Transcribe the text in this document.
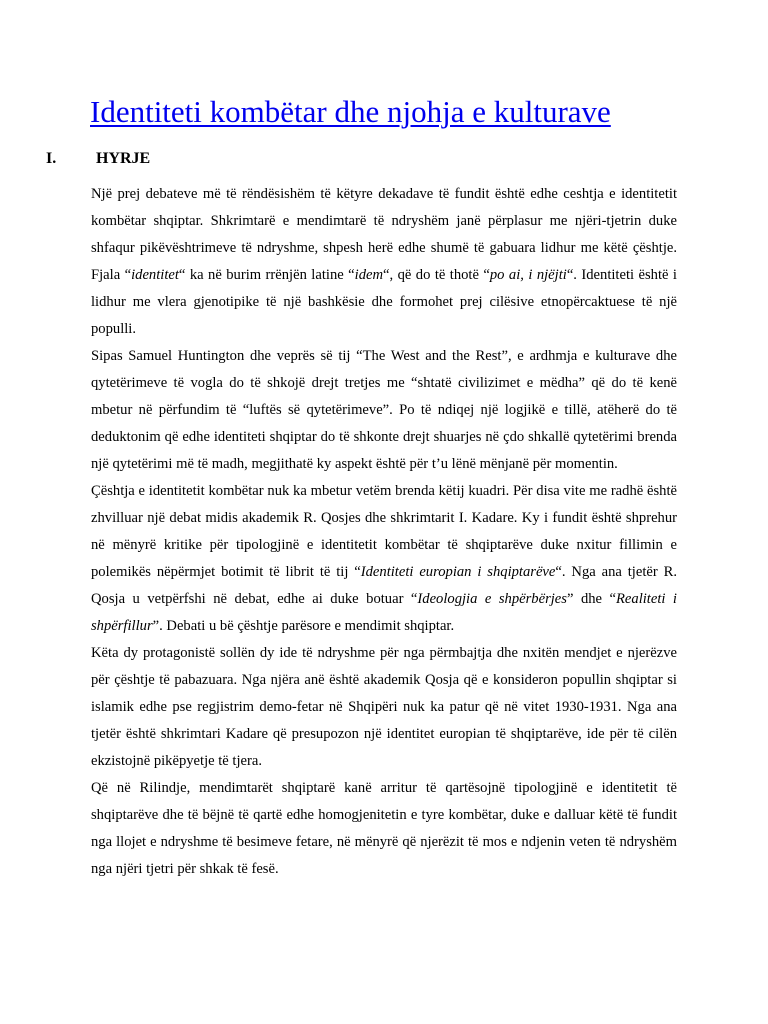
Identiteti kombëtar dhe njohja e kulturave
I. HYRJE

Një prej debateve më të rëndësishëm të këtyre dekadave të fundit është edhe ceshtja e identitetit kombëtar shqiptar. Shkrimtarë e mendimtarë të ndryshëm janë përplasur me njëri-tjetrin duke shfaqur pikëvështrimeve të ndryshme, shpesh herë edhe shumë të gabuara lidhur me këtë çështje. Fjala “identitet“ ka në burim rrënjën latine “idem“, që do të thotë “po ai, i njëjti“. Identiteti është i lidhur me vlera gjenotipike të një bashkësie dhe formohet prej cilësive etnopërcaktuese të një populli.

Sipas Samuel Huntington dhe veprës së tij “The West and the Rest”, e ardhmja e kulturave dhe qytetërimeve të vogla do të shkojë drejt tretjes me “shtatë civilizimet e mëdha” që do të kenë mbetur në përfundim të “luftës së qytetërimeve”. Po të ndiqej një logjikë e tillë, atëherë do të deduktonim që edhe identiteti shqiptar do të shkonte drejt shuarjes në çdo shkallë qytetërimi brenda një qytetërimi më të madh, megjithatë ky aspekt është për t’u lënë mënjanë për momentin.

Çështja e identitetit kombëtar nuk ka mbetur vetëm brenda këtij kuadri. Për disa vite me radhë është zhvilluar një debat midis akademik R. Qosjes dhe shkrimtarit I. Kadare. Ky i fundit është shprehur në mënyrë kritike për tipologjinë e identitetit kombëtar të shqiptarëve duke nxitur fillimin e polemikës nëpërmjet botimit të librit të tij “Identiteti europian i shqiptarëve“. Nga ana tjetër R. Qosja u vetpërfshi në debat, edhe ai duke botuar “Ideologjia e shpërbërjes” dhe “Realiteti i shpërfillur”. Debati u bë çështje parësore e mendimit shqiptar.

Këta dy protagonistë sollën dy ide të ndryshme për nga përmbajtja dhe nxitën mendjet e njerëzve për çështje të pabazuara. Nga njëra anë është akademik Qosja që e konsideron popullin shqiptar si islamik edhe pse regjistrim demo-fetar në Shqipëri nuk ka patur që në vitet 1930-1931. Nga ana tjetër është shkrimtari Kadare që presupozon një identitet europian të shqiptarëve, ide për të cilën ekzistojnë pikëpyetje të tjera.

Që në Rilindje, mendimtarët shqiptarë kanë arritur të qartësojnë tipologjinë e identitetit të shqiptarëve dhe të bëjnë të qartë edhe homogjenitetin e tyre kombëtar, duke e dalluar këtë të fundit nga llojet e ndryshme të besimeve fetare, në mënyrë që njerëzit të mos e ndjenin veten të ndryshëm nga njëri tjetri për shkak të fesë.
